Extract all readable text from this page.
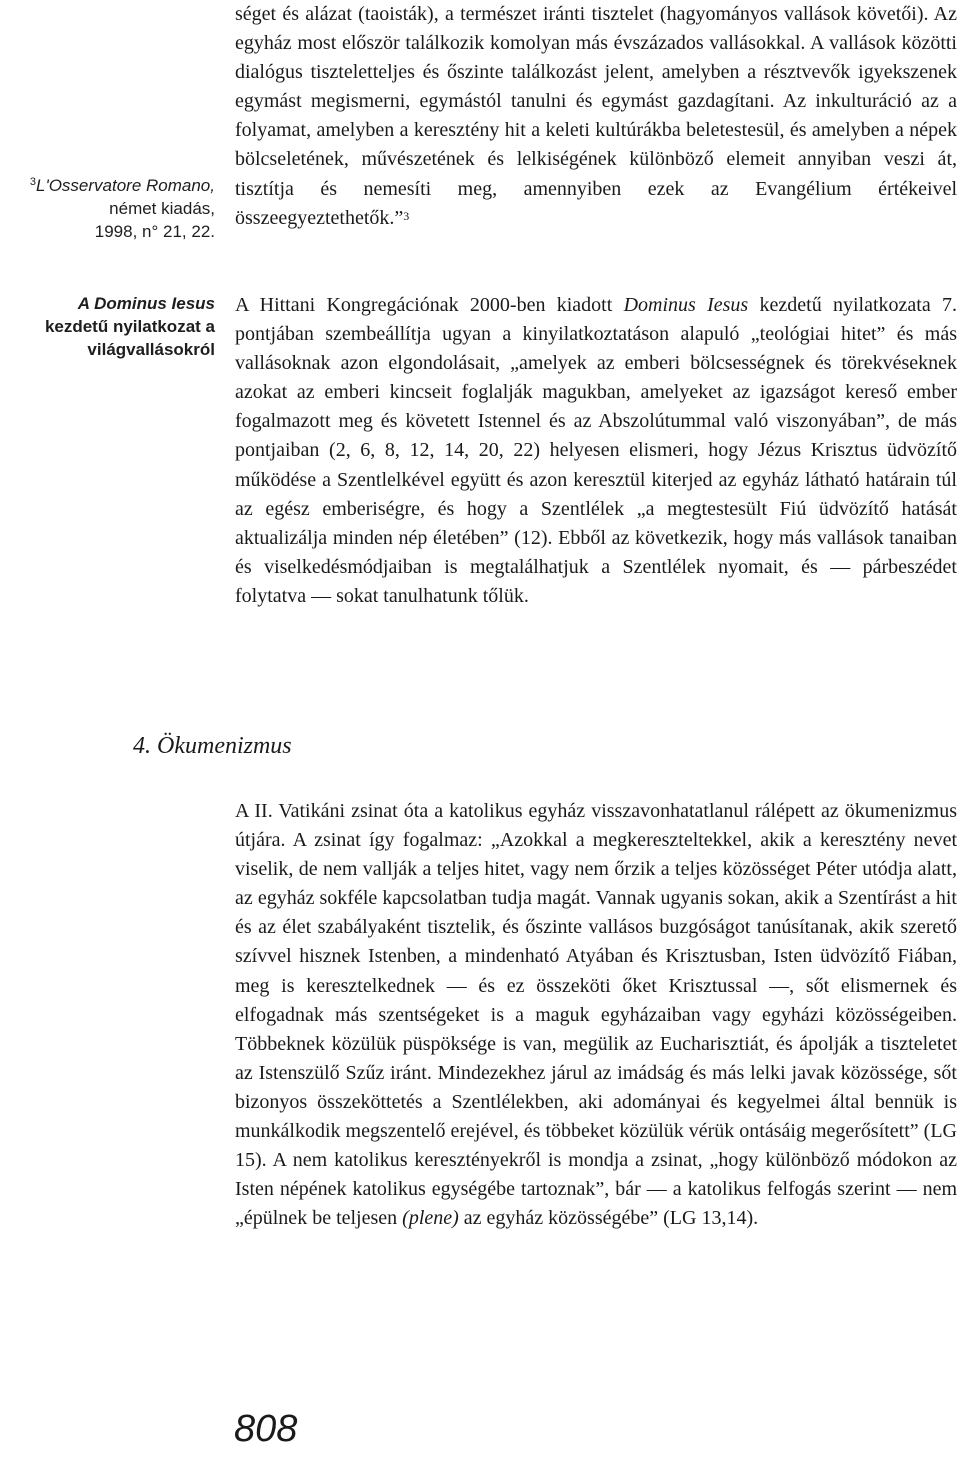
$^3$L'Osservatore Romano,
német kiadás,
1998, n° 21, 22.
A Dominus Iesus
kezdetű nyilatkozat a
világvallásokról

séget és alázat (taoisták), a természet iránti tisztelet (hagyományos vallások követői). Az egyház most először találkozik komolyan más évszázados vallásokkal. A vallások közötti dialógus tiszteletteljes és őszinte találkozást jelent, amelyben a résztvevők igyekszenek egymást megismerni, egymástól tanulni és egymást gazdagítani. Az inkulturáció az a folyamat, amelyben a keresztény hit a keleti kultúrákba beletestesül, és amelyben a népek bölcseletének, művészetének és lelkiségének különböző elemeit annyiban veszi át, tisztítja és nemesíti meg, amennyiben ezek az Evangélium értékeivel összeegyeztethetők.”$^3$

A Hittani Kongregációnak 2000-ben kiadott Dominus Iesus kezdetű nyilatkozata 7. pontjában szembeállítja ugyan a kinyilatkoztatáson alapuló „teológiai hitet” és más vallásoknak azon elgondolásait, „amelyek az emberi bölcsességnek és törekvéseknek azokat az emberi kincseit foglalják magukban, amelyeket az igazságot kereső ember fogalmazott meg és követett Istennel és az Abszolútummal való viszonyában”, de más pontjaiban (2, 6, 8, 12, 14, 20, 22) helyesen elismeri, hogy Jézus Krisztus üdvözítő működése a Szentlelkével együtt és azon keresztül kiterjed az egyház látható határain túl az egész emberiségre, és hogy a Szentlélek „a megtestesült Fiú üdvözítő hatását aktualizálja minden nép életében” (12). Ebből az következik, hogy más vallások tanaiban és viselkedésmódjaiban is megtalálhatjuk a Szentlélek nyomait, és — párbeszédet folytatva — sokat tanulhatunk tőlük.

A II. Vatikáni zsinat óta a katolikus egyház visszavonhatatlanul rálépett az ökumenizmus útjára. A zsinat így fogalmaz: „Azokkal a megkereszteltekkel, akik a keresztény nevet viselik, de nem vallják a teljes hitet, vagy nem őrzik a teljes közösséget Péter utódja alatt, az egyház sokféle kapcsolatban tudja magát. Vannak ugyanis sokan, akik a Szentírást a hit és az élet szabályaként tisztelik, és őszinte vallásos buzgóságot tanúsítanak, akik szerető szívvel hisznek Istenben, a mindenható Atyában és Krisztusban, Isten üdvözítő Fiában, meg is keresztelkednek — és ez összeköti őket Krisztussal —, sőt elismernek és elfogadnak más szentségeket is a maguk egyházaiban vagy egyházi közösségeiben. Többeknek közülük püspöksége is van, megülik az Eucharisztiát, és ápolják a tiszteletet az Istenszülő Szűz iránt. Mindezekhez járul az imádság és más lelki javak közössége, sőt bizonyos összeköttetés a Szentlélekben, aki adományai és kegyelmei által bennük is munkálkodik megszentelő erejével, és többeket közülük vérük ontásáig megerősített” (LG 15). A nem katolikus keresztényekről is mondja a zsinat, „hogy különböző módokon az Isten népének katolikus egységébe tartoznak”, bár — a katolikus felfogás szerint — nem „épülnek be teljesen (plene) az egyház közösségébe” (LG 13,14).

4. Ökumenizmus
808
